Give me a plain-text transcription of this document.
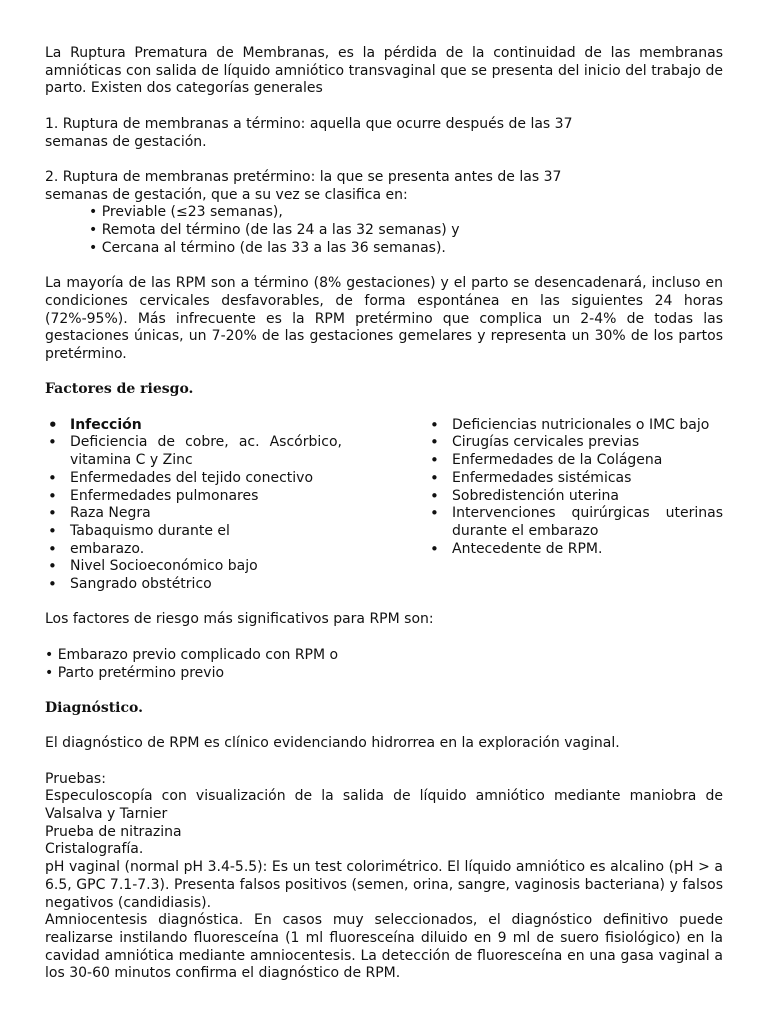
La Ruptura Prematura de Membranas, es la pérdida de la continuidad de las membranas amnióticas con salida de líquido amniótico transvaginal que se presenta del inicio del trabajo de parto. Existen dos categorías generales

1. Ruptura de membranas a término: aquella que ocurre después de las 37

semanas de gestación.

2. Ruptura de membranas pretérmino: la que se presenta antes de las 37

semanas de gestación, que a su vez se clasifica en:

• Previable (≤23 semanas),

• Remota del término (de las 24 a las 32 semanas) y

• Cercana al término (de las 33 a las 36 semanas).

La mayoría de las RPM son a término (8% gestaciones) y el parto se desencadenará, incluso en condiciones cervicales desfavorables, de forma espontánea en las siguientes 24 horas (72%-95%). Más infrecuente es la RPM pretérmino que complica un 2-4% de todas las gestaciones únicas, un 7-20% de las gestaciones gemelares y representa un 30% de los partos pretérmino.

Factores de riesgo.

• Infección
• Deficiencia de cobre, ac. Ascórbico, vitamina C y Zinc
• Enfermedades del tejido conectivo
• Enfermedades pulmonares
• Raza Negra
• Tabaquismo durante el
• embarazo.
• Nivel Socioeconómico bajo
• Sangrado obstétrico
• Deficiencias nutricionales o IMC bajo
• Cirugías cervicales previas
• Enfermedades de la Colágena
• Enfermedades sistémicas
• Sobredistención uterina
• Intervenciones quirúrgicas uterinas durante el embarazo
• Antecedente de RPM.

Los factores de riesgo más significativos para RPM son:

• Embarazo previo complicado con RPM o

• Parto pretérmino previo

Diagnóstico.

El diagnóstico de RPM es clínico evidenciando hidrorrea en la exploración vaginal.

Pruebas:

Especuloscopía con visualización de la salida de líquido amniótico mediante maniobra de Valsalva y Tarnier

Prueba de nitrazina

Cristalografía.

pH vaginal (normal pH 3.4-5.5): Es un test colorimétrico. El líquido amniótico es alcalino (pH > a 6.5, GPC 7.1-7.3). Presenta falsos positivos (semen, orina, sangre, vaginosis bacteriana) y falsos negativos (candidiasis).

Amniocentesis diagnóstica. En casos muy seleccionados, el diagnóstico definitivo puede realizarse instilando fluoresceína (1 ml fluoresceína diluido en 9 ml de suero fisiológico) en la cavidad amniótica mediante amniocentesis. La detección de fluoresceína en una gasa vaginal a los 30-60 minutos confirma el diagnóstico de RPM.
